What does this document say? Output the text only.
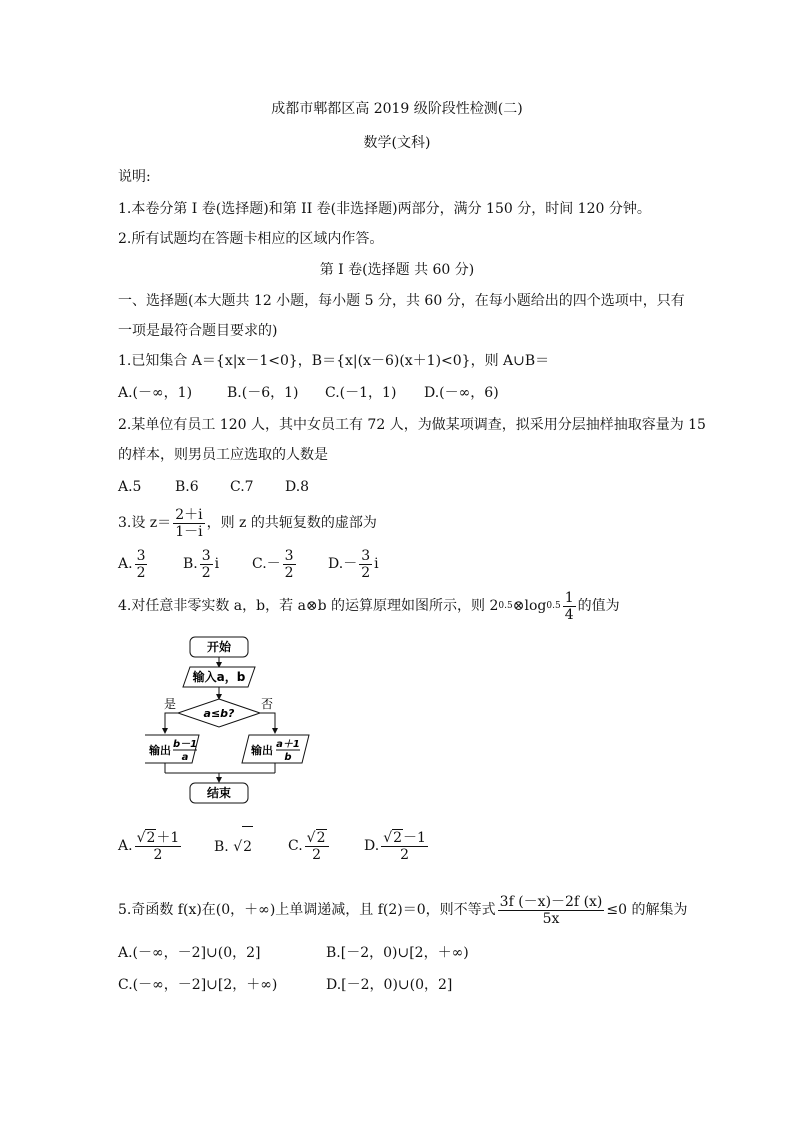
成都市郫都区高 2019 级阶段性检测(二)
数学(文科)
说明:
1.本卷分第 I 卷(选择题)和第 II 卷(非选择题)两部分，满分 150 分，时间 120 分钟。
2.所有试题均在答题卡相应的区域内作答。
第 I 卷(选择题 共 60 分)
一、选择题(本大题共 12 小题，每小题 5 分，共 60 分，在每小题给出的四个选项中，只有
一项是最符合题目要求的)
1.已知集合 A＝{x|x－1<0}，B＝{x|(x－6)(x＋1)<0}，则 A∪B＝
A.(－∞，1) B.(－6，1) C.(－1，1) D.(－∞，6)
2.某单位有员工 120 人，其中女员工有 72 人，为做某项调查，拟采用分层抽样抽取容量为 15
的样本，则男员工应选取的人数是
A.5 B.6 C.7 D.8
3.设 $z= \frac{2+i}{1-i}$ ，则 z 的共轭复数的虚部为
A. $\frac{3}{2}$	B. $\frac{3}{2}$ i C. － $\frac{3}{2} D$. － $\frac{3}{2}$ i
4.对任意非零实数 a，b，若 a⊗b 的运算原理如图所示，则 2 0.5 ⊗log $0.5 \frac{1}{4}$ 的值为
开始
输入a，b
a≤b?
是	否
输出 b－1
a
输出 a＋1
b
结束
A. $\frac{√2+1}{2} B$. √ 2	C. $\frac{√2}{2}$	D. $\frac{√2-1}{2}$
5.奇函数 f(x)在(0，＋∞)上单调递减，且 f(2)＝0，则不等式 $\frac{3f (-x)-2f (x)}{5x} \le 0$ 的解集为
A.(－∞，－2]∪(0，2]	B.[－2，0)∪[2，＋∞)
C.(－∞，－2]∪[2，＋∞)	D.[－2，0)∪(0，2]
